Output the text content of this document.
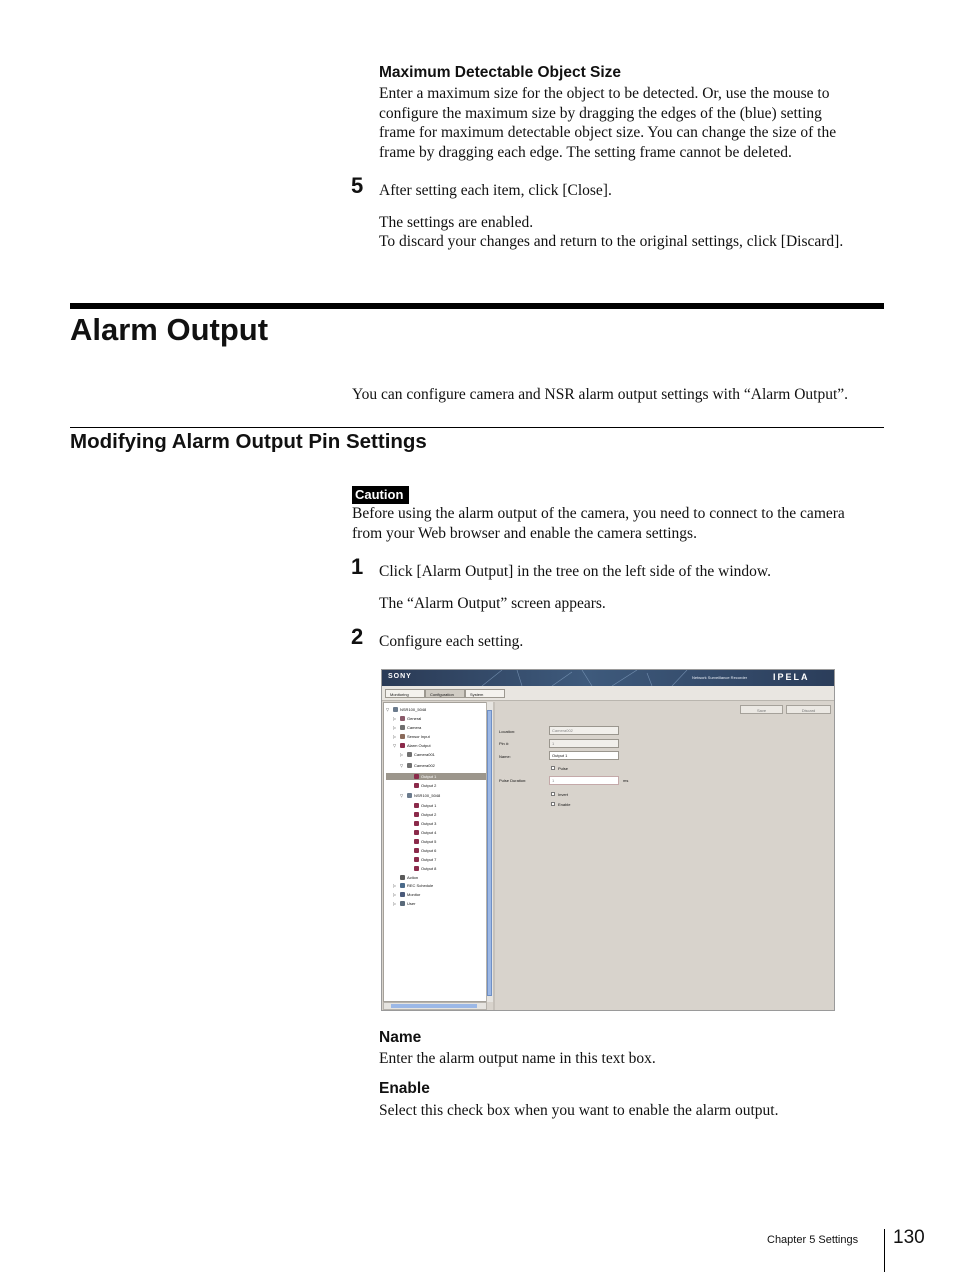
Maximum Detectable Object Size
Enter a maximum size for the object to be detected. Or, use the mouse to
configure the maximum size by dragging the edges of the (blue) setting
frame for maximum detectable object size. You can change the size of the
frame by dragging each edge. The setting frame cannot be deleted.
5 After setting each item, click [Close].
The settings are enabled.
To discard your changes and return to the original settings, click [Discard].
Alarm Output
You can configure camera and NSR alarm output settings with “Alarm Output”.
Modifying Alarm Output Pin Settings
Caution
Before using the alarm output of the camera, you need to connect to the camera
from your Web browser and enable the camera settings.
1 Click [Alarm Output] in the tree on the left side of the window.
The “Alarm Output” screen appears.
2 Configure each setting.
SONY	Network Surveillance Recorder	IPELA
Monitoring	Configuration	System
▽	NSR100_5048
▷	General
▷	Camera
▷	Sensor Input
▽	Alarm Output
▷	Camera001
▽	Camera002
Output 1
Output 2
▽	NSR100_5048
Output 1
Output 2
Output 3
Output 4
Output 5
Output 6
Output 7
Output 8
Action
▷	REC Schedule
▷	Monitor
▷	User
Save	Discard
Location:	Camera002
Pin #:	1
Name:	Output 1
Pulse
Pulse Duration:	1	ms
Invert
Enable
Name
Enter the alarm output name in this text box.
Enable
Select this check box when you want to enable the alarm output.
Chapter 5 Settings 130
